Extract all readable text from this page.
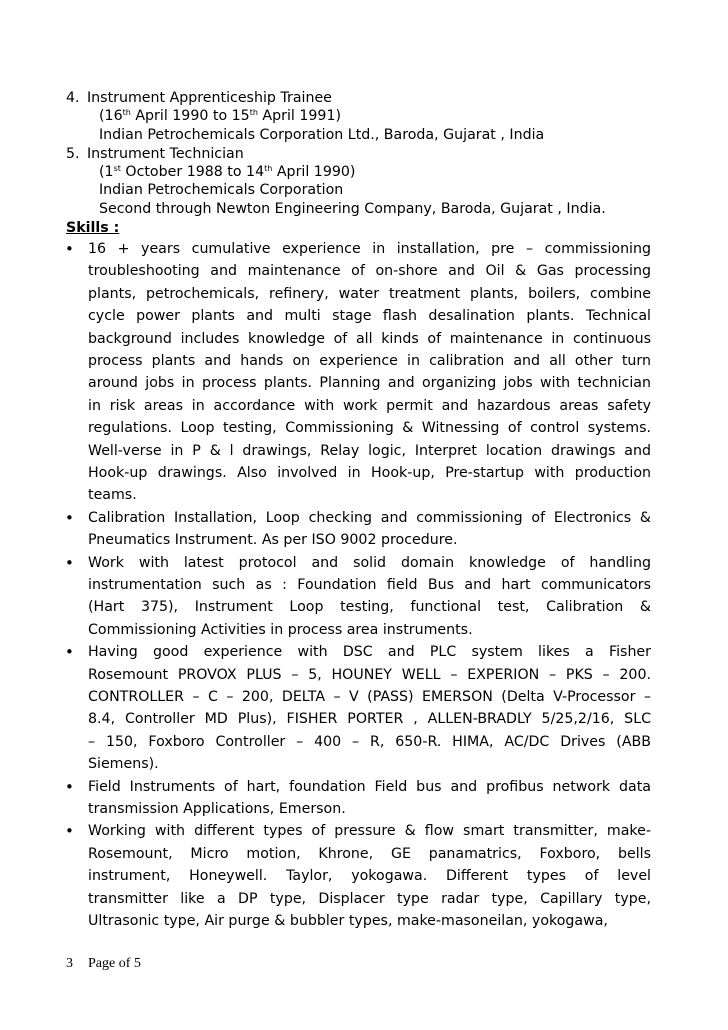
4. Instrument Apprenticeship Trainee
(16th April 1990 to 15th April 1991)
Indian Petrochemicals Corporation Ltd., Baroda, Gujarat , India
5. Instrument Technician
(1st October 1988 to 14th April 1990)
Indian Petrochemicals Corporation
Second through Newton Engineering Company, Baroda, Gujarat , India.
Skills :
• 16 + years cumulative experience in installation, pre – commissioning
troubleshooting and maintenance of on-shore and Oil & Gas processing
plants, petrochemicals, refinery, water treatment plants, boilers, combine
cycle power plants and multi stage flash desalination plants. Technical
background includes knowledge of all kinds of maintenance in continuous
process plants and hands on experience in calibration and all other turn
around jobs in process plants. Planning and organizing jobs with technician
in risk areas in accordance with work permit and hazardous areas safety
regulations. Loop testing, Commissioning & Witnessing of control systems.
Well-verse in P & l drawings, Relay logic, Interpret location drawings and
Hook-up drawings. Also involved in Hook-up, Pre-startup with production
teams.
• Calibration Installation, Loop checking and commissioning of Electronics &
Pneumatics Instrument. As per ISO 9002 procedure.
• Work with latest protocol and solid domain knowledge of handling
instrumentation such as : Foundation field Bus and hart communicators
(Hart 375), Instrument Loop testing, functional test, Calibration &
Commissioning Activities in process area instruments.
• Having good experience with DSC and PLC system likes a Fisher
Rosemount PROVOX PLUS – 5, HOUNEY WELL – EXPERION – PKS – 200.
CONTROLLER – C – 200, DELTA – V (PASS) EMERSON (Delta V-Processor –
8.4, Controller MD Plus), FISHER PORTER , ALLEN-BRADLY 5/25,2/16, SLC
– 150, Foxboro Controller – 400 – R, 650-R. HIMA, AC/DC Drives (ABB
Siemens).
• Field Instruments of hart, foundation Field bus and profibus network data
transmission Applications, Emerson.
• Working with different types of pressure & flow smart transmitter, make-
Rosemount, Micro motion, Khrone, GE panamatrics, Foxboro, bells
instrument, Honeywell. Taylor, yokogawa. Different types of level
transmitter like a DP type, Displacer type radar type, Capillary type,
Ultrasonic type, Air purge & bubbler types, make-masoneilan, yokogawa,
3 Page of 5
